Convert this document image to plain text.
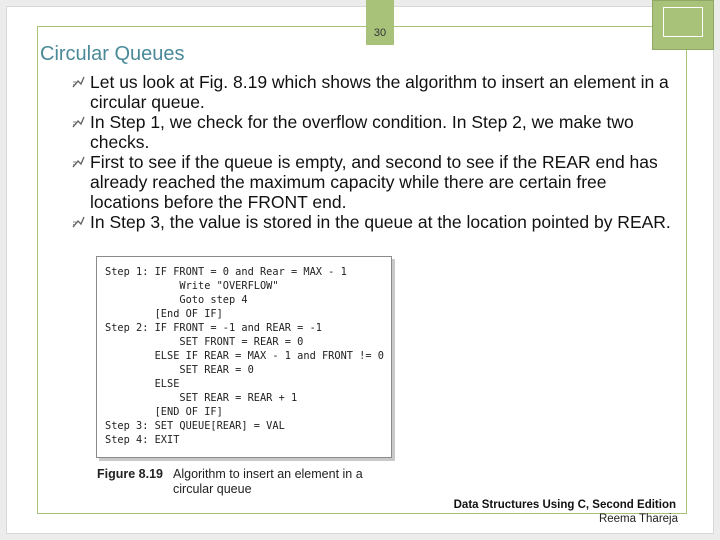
30
Circular Queues
Let us look at Fig. 8.19 which shows the algorithm to insert an element in a circular queue.
In Step 1, we check for the overflow condition. In Step 2, we make two checks.
First to see if the queue is empty, and second to see if the REAR end has already reached the maximum capacity while there are certain free locations before the FRONT end.
In Step 3, the value is stored in the queue at the location pointed by REAR.
Step 1: IF FRONT = 0 and Rear = MAX - 1
Write "OVERFLOW"
Goto step 4
[End OF IF]
Step 2: IF FRONT = -1 and REAR = -1
SET FRONT = REAR = 0
ELSE IF REAR = MAX - 1 and FRONT != 0
SET REAR = 0
ELSE
SET REAR = REAR + 1
[END OF IF]
Step 3: SET QUEUE[REAR] = VAL
Step 4: EXIT
Figure 8.19 Algorithm to insert an element in a circular queue
Data Structures Using C, Second Edition
Reema Thareja
